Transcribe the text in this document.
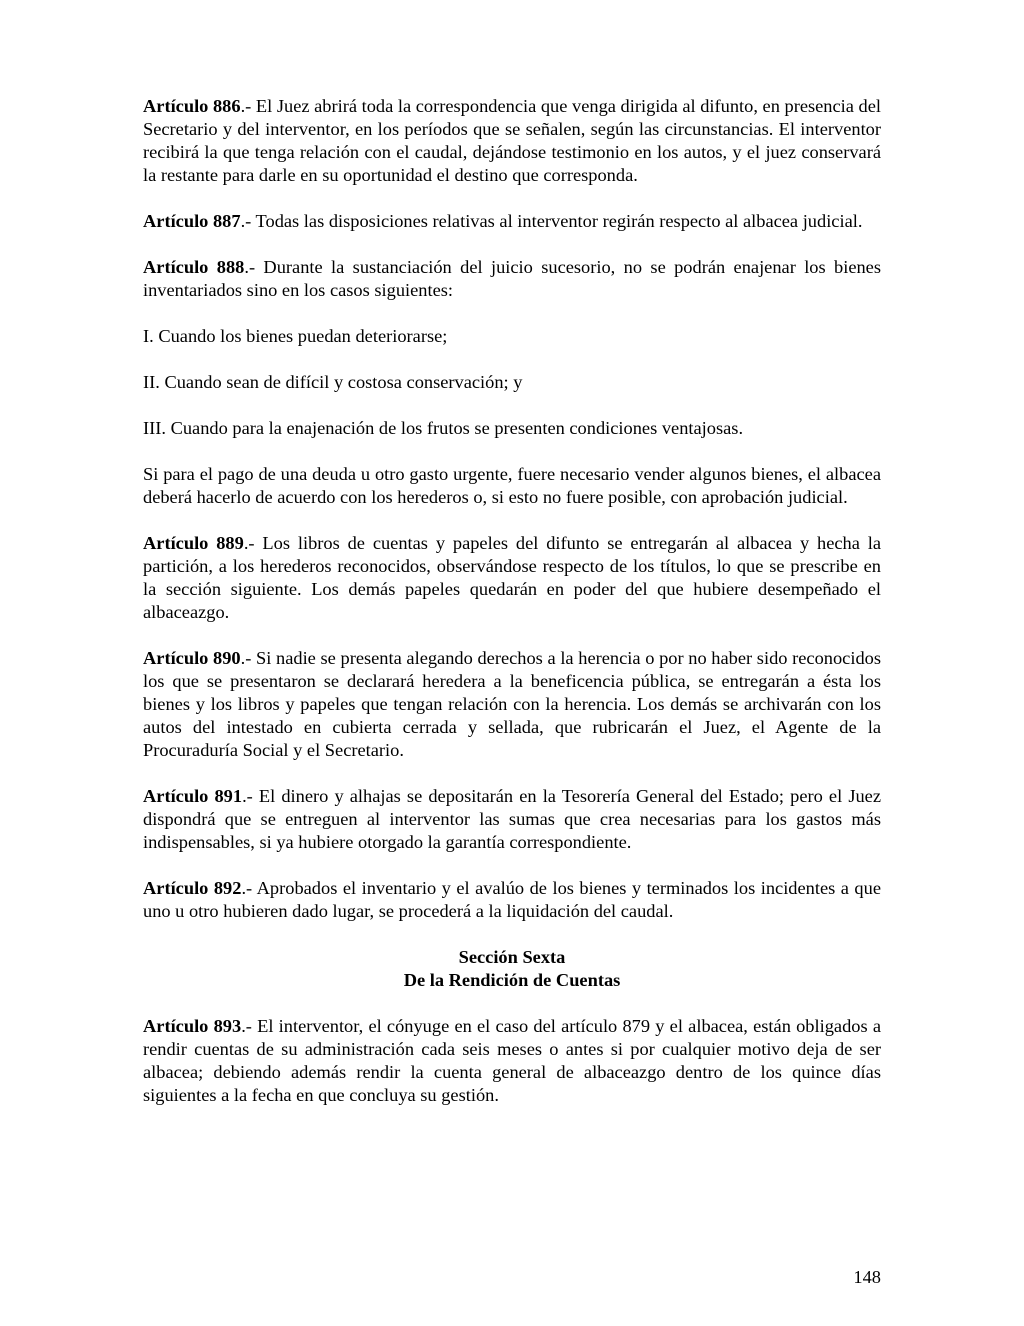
Artículo 886.- El Juez abrirá toda la correspondencia que venga dirigida al difunto, en presencia del Secretario y del interventor, en los períodos que se señalen, según las circunstancias. El interventor recibirá la que tenga relación con el caudal, dejándose testimonio en los autos, y el juez conservará la restante para darle en su oportunidad el destino que corresponda.

Artículo 887.- Todas las disposiciones relativas al interventor regirán respecto al albacea judicial.

Artículo 888.- Durante la sustanciación del juicio sucesorio, no se podrán enajenar los bienes inventariados sino en los casos siguientes:

I. Cuando los bienes puedan deteriorarse;

II. Cuando sean de difícil y costosa conservación; y

III. Cuando para la enajenación de los frutos se presenten condiciones ventajosas.

Si para el pago de una deuda u otro gasto urgente, fuere necesario vender algunos bienes, el albacea deberá hacerlo de acuerdo con los herederos o, si esto no fuere posible, con aprobación judicial.

Artículo 889.- Los libros de cuentas y papeles del difunto se entregarán al albacea y hecha la partición, a los herederos reconocidos, observándose respecto de los títulos, lo que se prescribe en la sección siguiente. Los demás papeles quedarán en poder del que hubiere desempeñado el albaceazgo.

Artículo 890.- Si nadie se presenta alegando derechos a la herencia o por no haber sido reconocidos los que se presentaron se declarará heredera a la beneficencia pública, se entregarán a ésta los bienes y los libros y papeles que tengan relación con la herencia. Los demás se archivarán con los autos del intestado en cubierta cerrada y sellada, que rubricarán el Juez, el Agente de la Procuraduría Social y el Secretario.

Artículo 891.- El dinero y alhajas se depositarán en la Tesorería General del Estado; pero el Juez dispondrá que se entreguen al interventor las sumas que crea necesarias para los gastos más indispensables, si ya hubiere otorgado la garantía correspondiente.

Artículo 892.- Aprobados el inventario y el avalúo de los bienes y terminados los incidentes a que uno u otro hubieren dado lugar, se procederá a la liquidación del caudal.

Sección Sexta
De la Rendición de Cuentas

Artículo 893.- El interventor, el cónyuge en el caso del artículo 879 y el albacea, están obligados a rendir cuentas de su administración cada seis meses o antes si por cualquier motivo deja de ser albacea; debiendo además rendir la cuenta general de albaceazgo dentro de los quince días siguientes a la fecha en que concluya su gestión.

148
